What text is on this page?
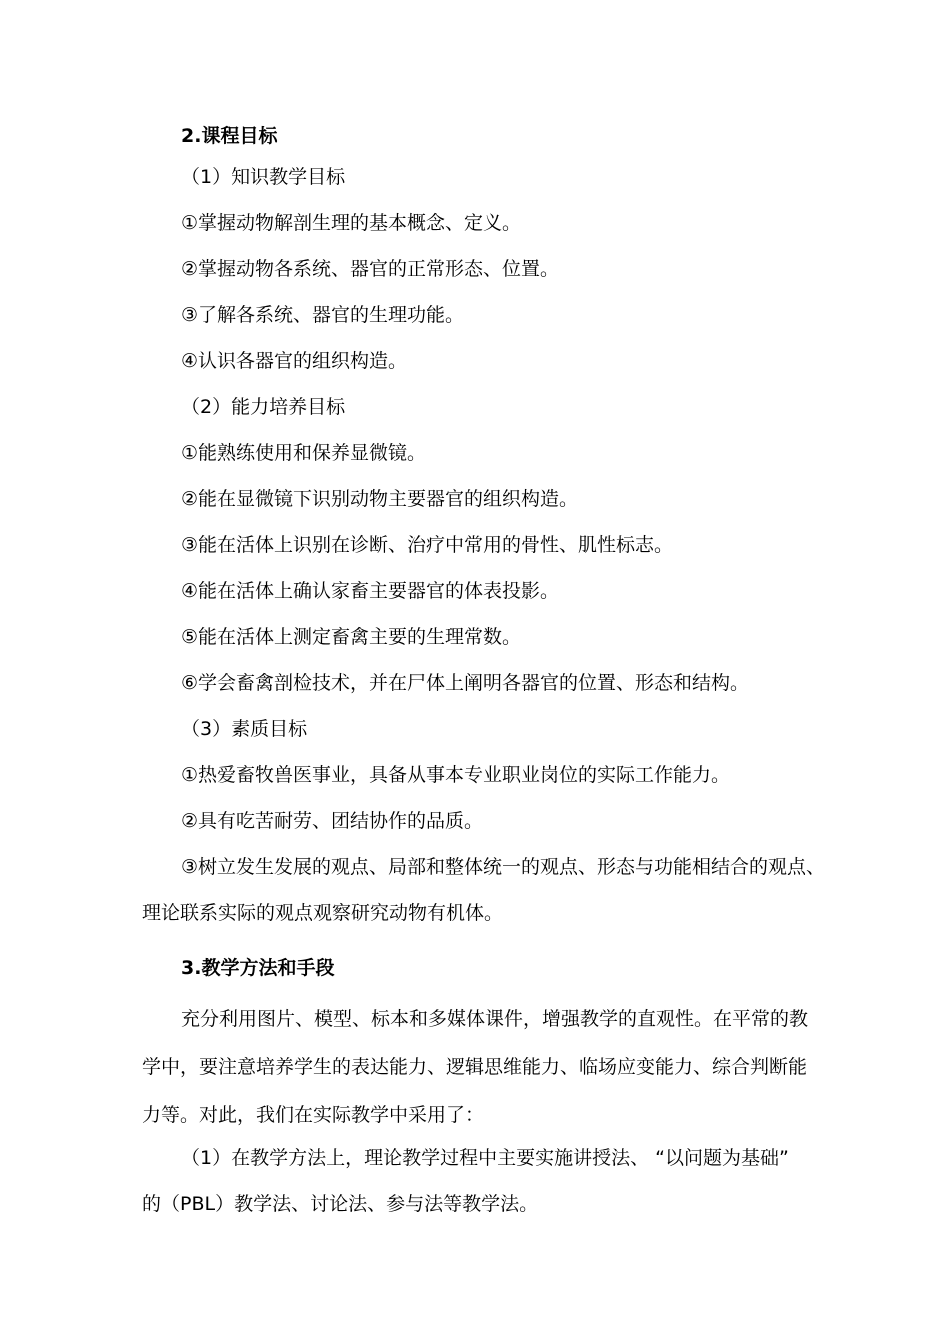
2.课程目标
（1）知识教学目标
①掌握动物解剖生理的基本概念、定义。
②掌握动物各系统、器官的正常形态、位置。
③了解各系统、器官的生理功能。
④认识各器官的组织构造。
（2）能力培养目标
①能熟练使用和保养显微镜。
②能在显微镜下识别动物主要器官的组织构造。
③能在活体上识别在诊断、治疗中常用的骨性、肌性标志。
④能在活体上确认家畜主要器官的体表投影。
⑤能在活体上测定畜禽主要的生理常数。
⑥学会畜禽剖检技术，并在尸体上阐明各器官的位置、形态和结构。
（3）素质目标
①热爱畜牧兽医事业，具备从事本专业职业岗位的实际工作能力。
②具有吃苦耐劳、团结协作的品质。
③树立发生发展的观点、局部和整体统一的观点、形态与功能相结合的观点、
理论联系实际的观点观察研究动物有机体。
3.教学方法和手段
充分利用图片、模型、标本和多媒体课件，增强教学的直观性。在平常的教
学中，要注意培养学生的表达能力、逻辑思维能力、临场应变能力、综合判断能
力等。对此，我们在实际教学中采用了：
（1）在教学方法上，理论教学过程中主要实施讲授法、 “以问题为基础”
的（PBL）教学法、讨论法、参与法等教学法。
